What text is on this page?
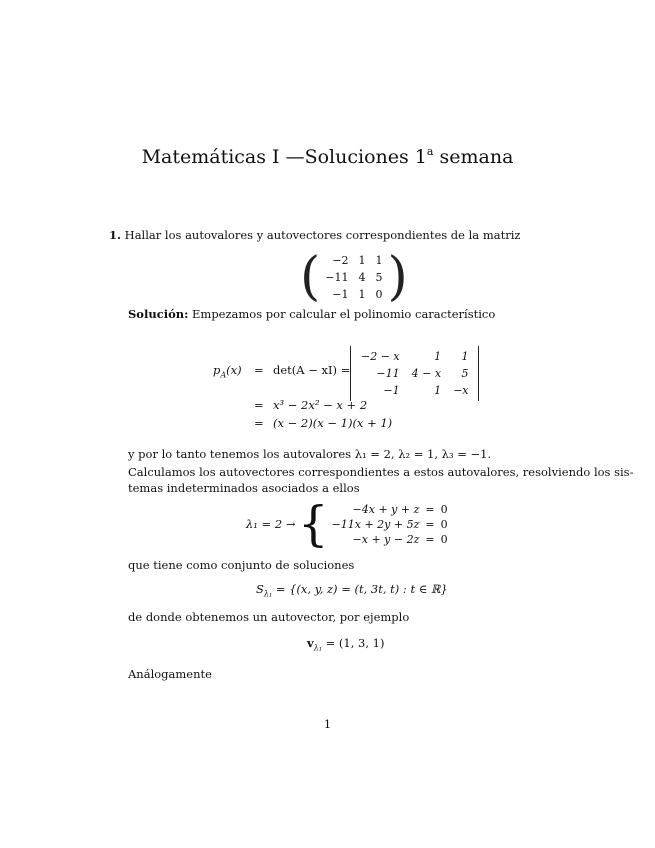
Matemáticas I —Soluciones 1$^a$ semana
1. Hallar los autovalores y autovectores correspondientes de la matriz
( −2	1	1
−11	4	5
−1	1	0 )
Solución: Empezamos por calcular el polinomio característico
$p_A(x) = \det(A - xI)$ =
−2 − x	1	1
−11	4 − x	5
−1	1	−x
= x³ − 2x² − x + 2
= (x − 2)(x − 1)(x + 1)
y por lo tanto tenemos los autovalores λ₁ = 2, λ₂ = 1, λ₃ = −1.
Calculamos los autovectores correspondientes a estos autovalores, resolviendo los sis-
temas indeterminados asociados a ellos
λ₁ = 2 → { −4x + y + z	=	0
−11x + 2y + 5z	=	0
−x + y − 2z	=	0
que tiene como conjunto de soluciones
$S_{\lambda_1} = \{(x$, y, z) = (t, 3t, t) : t ∈ ℝ}
de donde obtenemos un autovector, por ejemplo
$v_{\lambda_1} = (1$, 3, 1)
Análogamente
1
